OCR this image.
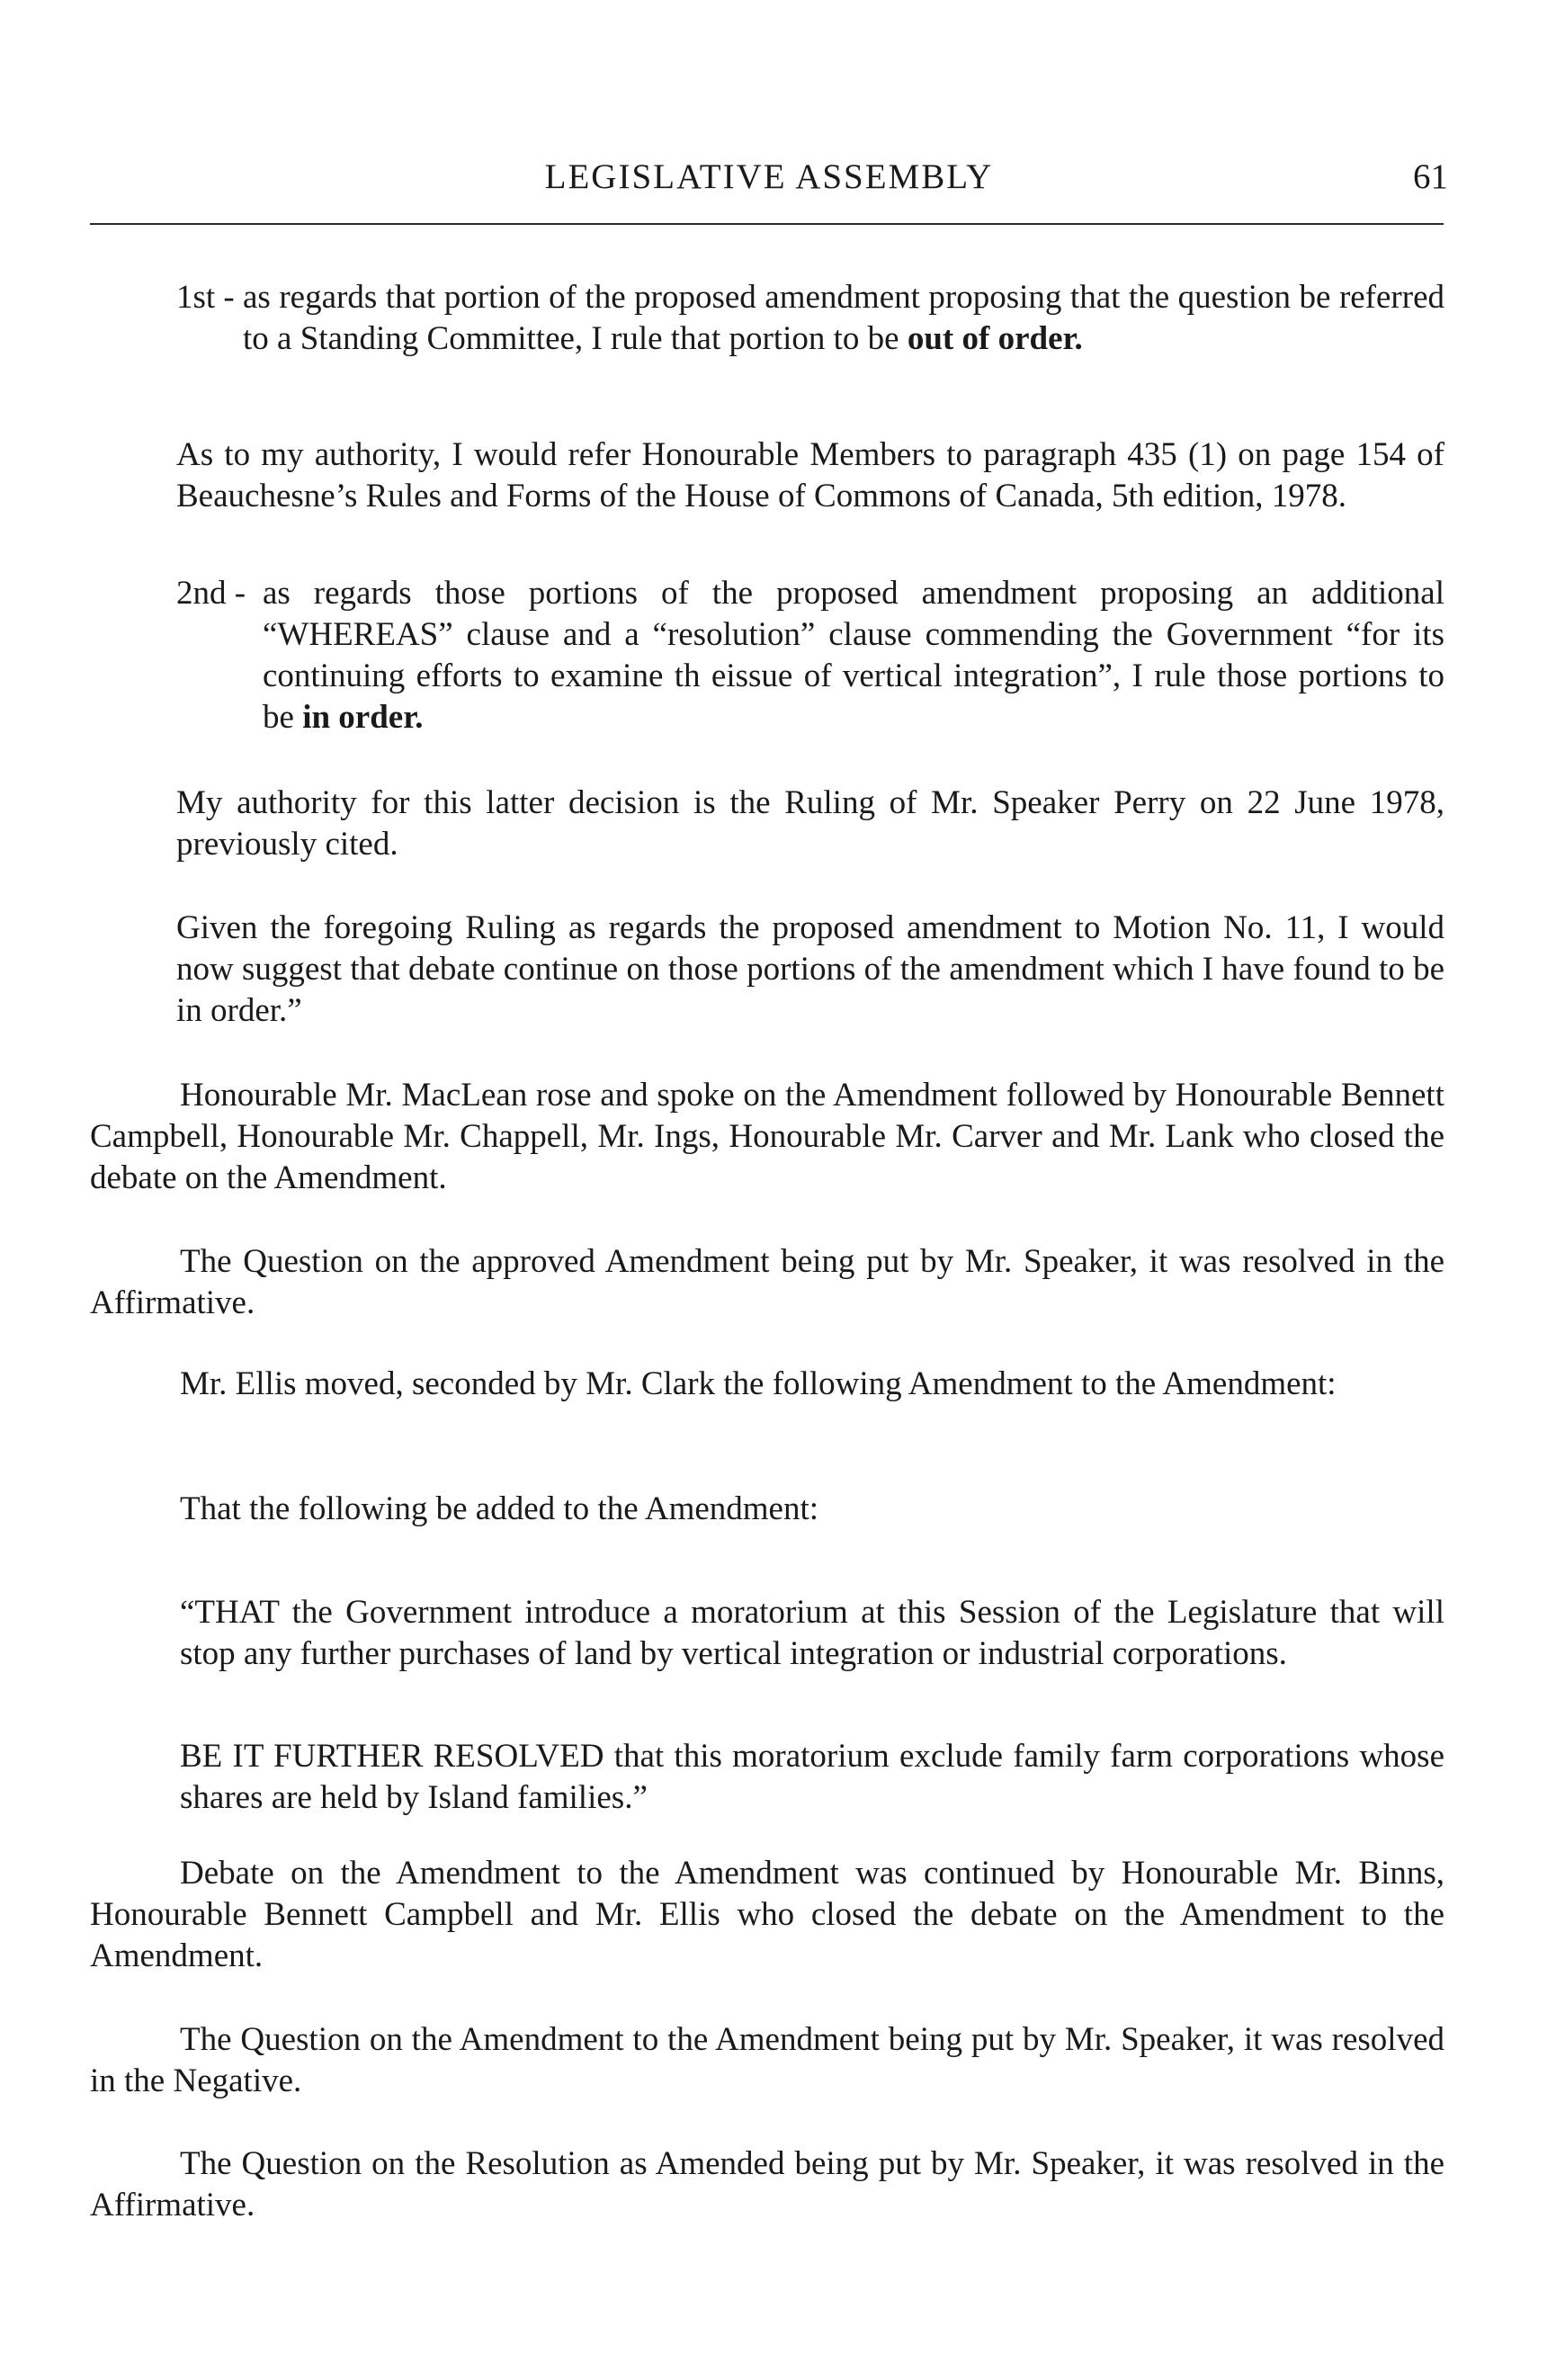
LEGISLATIVE ASSEMBLY	61
1st - as regards that portion of the proposed amendment proposing that the question be referred to a Standing Committee, I rule that portion to be out of order.

As to my authority, I would refer Honourable Members to paragraph 435 (1) on page 154 of Beauchesne’s Rules and Forms of the House of Commons of Canada, 5th edition, 1978.

2nd - as regards those portions of the proposed amendment proposing an additional “WHEREAS” clause and a “resolution” clause commending the Government “for its continuing efforts to examine th eissue of vertical integration”, I rule those portions to be in order.

My authority for this latter decision is the Ruling of Mr. Speaker Perry on 22 June 1978, previously cited.

Given the foregoing Ruling as regards the proposed amendment to Motion No. 11, I would now suggest that debate continue on those portions of the amendment which I have found to be in order.”

Honourable Mr. MacLean rose and spoke on the Amendment followed by Honourable Bennett Campbell, Honourable Mr. Chappell, Mr. Ings, Honourable Mr. Carver and Mr. Lank who closed the debate on the Amendment.

The Question on the approved Amendment being put by Mr. Speaker, it was resolved in the Affirmative.

Mr. Ellis moved, seconded by Mr. Clark the following Amendment to the Amendment:

That the following be added to the Amendment:

“THAT the Government introduce a moratorium at this Session of the Legislature that will stop any further purchases of land by vertical integration or industrial corporations.

BE IT FURTHER RESOLVED that this moratorium exclude family farm corporations whose shares are held by Island families.”

Debate on the Amendment to the Amendment was continued by Honourable Mr. Binns, Honourable Bennett Campbell and Mr. Ellis who closed the debate on the Amendment to the Amendment.

The Question on the Amendment to the Amendment being put by Mr. Speaker, it was resolved in the Negative.

The Question on the Resolution as Amended being put by Mr. Speaker, it was resolved in the Affirmative.
